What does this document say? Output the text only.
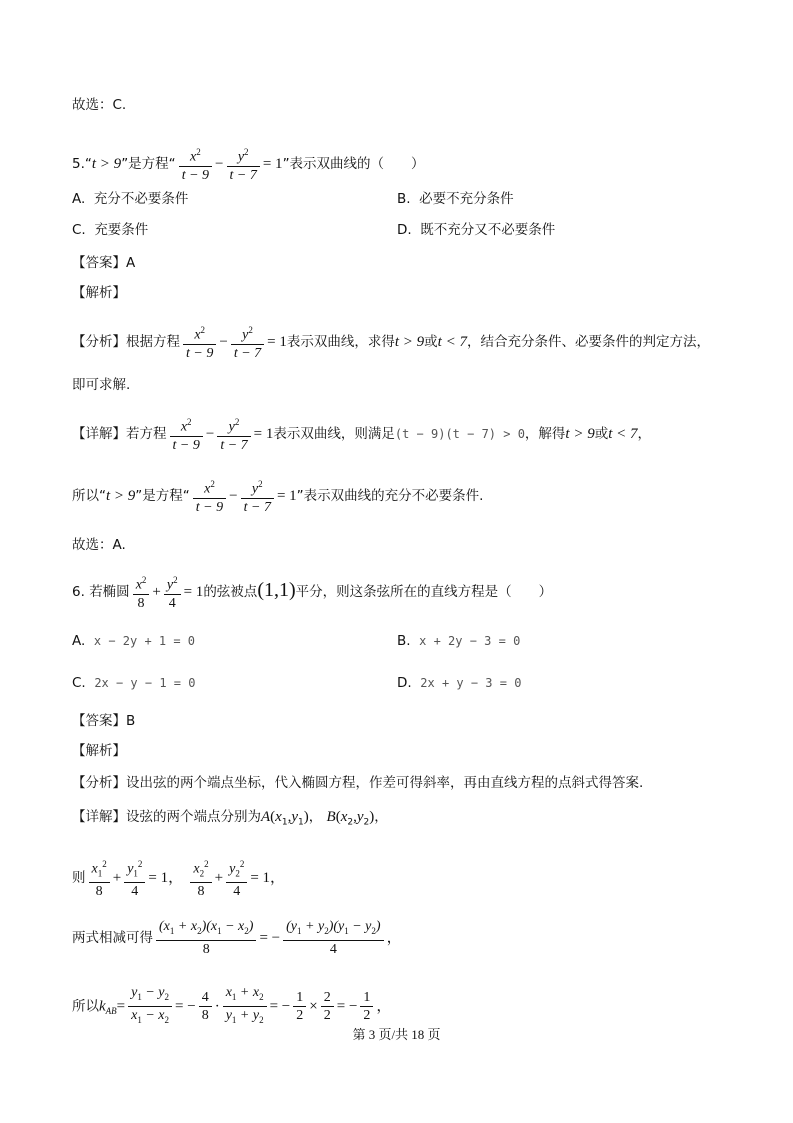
故选：C.
5.“t > 9”是方程“ $\frac{x^2}{t - 9} - \frac{y^2}{t - 7} = 1$”表示双曲线的（　　）
A. 充分不必要条件	B. 必要不充分条件
C. 充要条件	D. 既不充分又不必要条件
【答案】A
【解析】
【分析】根据方程 $\frac{x^2}{t - 9} - \frac{y^2}{t - 7} = 1$表示双曲线，求得t > 9或t < 7，结合充分条件、必要条件的判定方法，
即可求解.
【详解】若方程 $\frac{x^2}{t - 9} - \frac{y^2}{t - 7} = 1$表示双曲线，则满足(t − 9)(t − 7) > 0，解得t > 9或t < 7，
所以“t > 9”是方程“ $\frac{x^2}{t - 9} - \frac{y^2}{t - 7} = 1$”表示双曲线的充分不必要条件.
故选：A.
6. 若椭圆 $\frac{x^2}{8} + \frac{y^2}{4} = 1$的弦被点(1,1)平分，则这条弦所在的直线方程是（　　）
A. x − 2y + 1 = 0	B. x + 2y − 3 = 0
C. 2x − y − 1 = 0	D. 2x + y − 3 = 0
【答案】B
【解析】
【分析】设出弦的两个端点坐标，代入椭圆方程，作差可得斜率，再由直线方程的点斜式得答案.
【详解】设弦的两个端点分别为$A(x_1,y_1)$， $B(x_2,y_2)$，
则 $\frac{x_1^2}{8} + \frac{y_1^2}{4} = 1$， $\frac{x_2^2}{8} + \frac{y_2^2}{4} = 1$，
两式相减可得 $\frac{(x_1 + x_2)(x_1 - x_2)}{8}$ = − $\frac{(y_1 + y_2)(y_1 - y_2)}{4}$ ，
所以$k_{AB}= \frac{y_1 - y_2}{x_1 - x_2}$ = − $\frac{4}{8} \cdot \frac{x_1 + x_2}{y_1 + y_2}$ = − $\frac{1}{2} \times \frac{2}{2}$ = − $\frac{1}{2}$ ，
第 3 页/共 18 页
